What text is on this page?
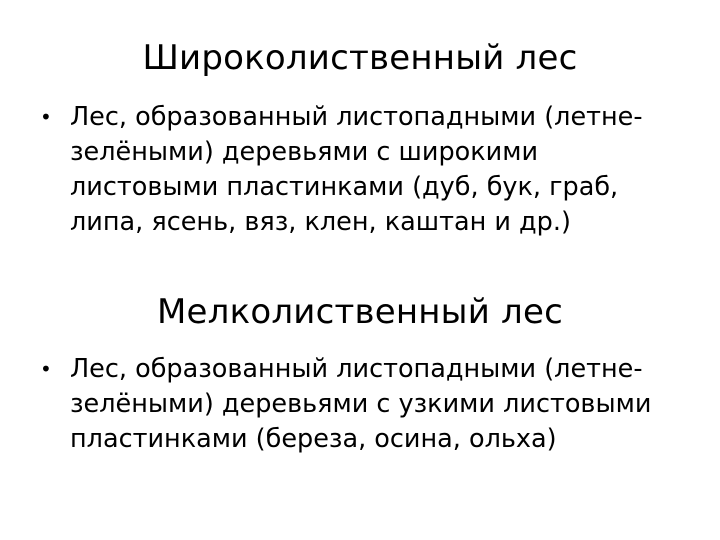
Широколиственный лес
• Лес, образованный листопадными (летне-
зелёными) деревьями с широкими
листовыми пластинками (дуб, бук, граб,
липа, ясень, вяз, клен, каштан и др.)
Мелколиственный лес
• Лес, образованный листопадными (летне-
зелёными) деревьями с узкими листовыми
пластинками (береза, осина, ольха)
